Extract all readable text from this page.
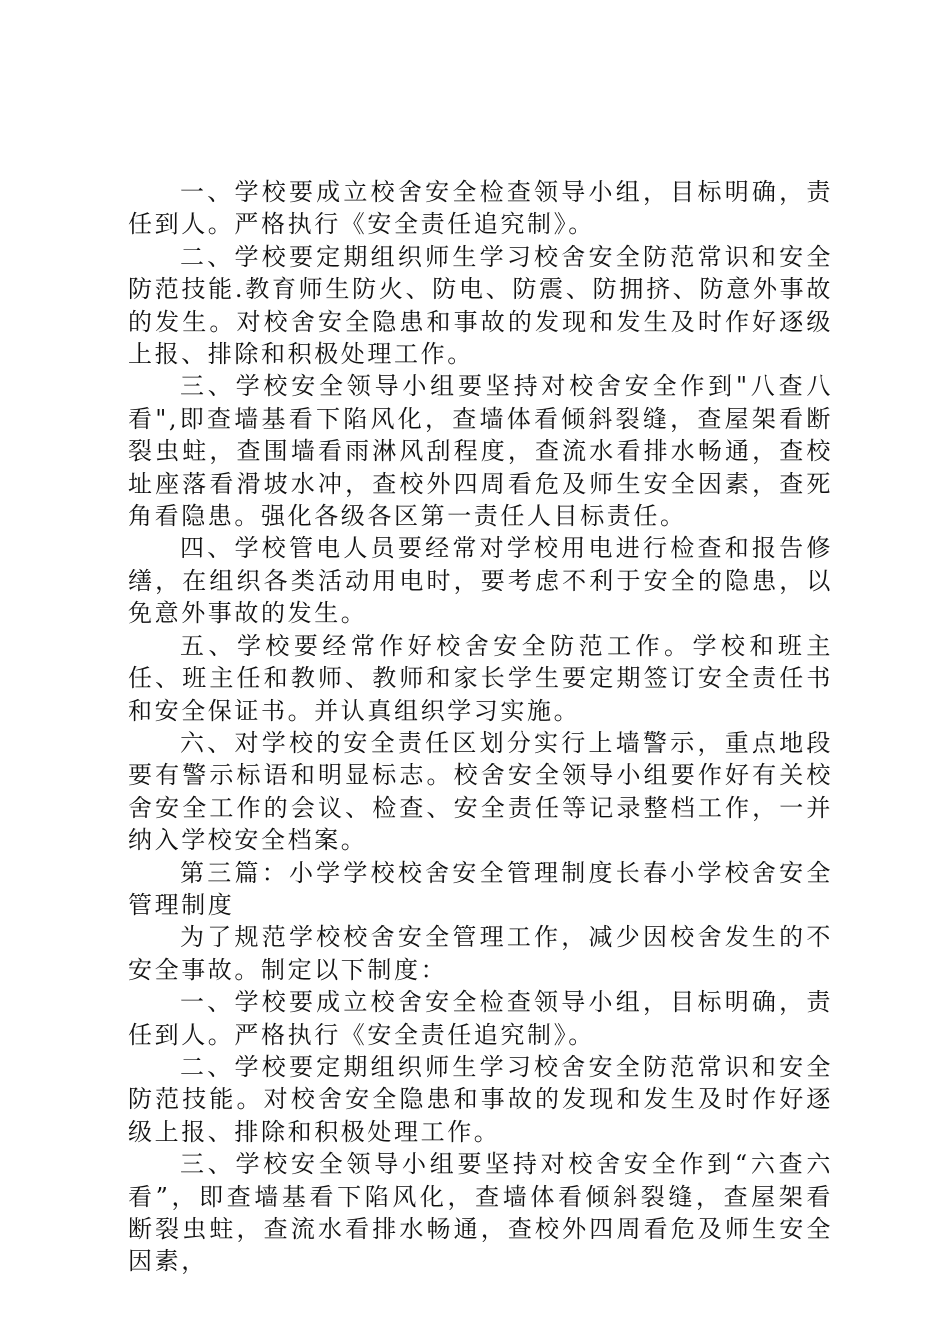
一、学校要成立校舍安全检查领导小组，目标明确，责任到人。严格执行《安全责任追究制》。

二、学校要定期组织师生学习校舍安全防范常识和安全防范技能.教育师生防火、防电、防震、防拥挤、防意外事故的发生。对校舍安全隐患和事故的发现和发生及时作好逐级上报、排除和积极处理工作。

三、学校安全领导小组要坚持对校舍安全作到"八查八看",即查墙基看下陷风化，查墙体看倾斜裂缝，查屋架看断裂虫蛀，查围墙看雨淋风刮程度，查流水看排水畅通，查校址座落看滑坡水冲，查校外四周看危及师生安全因素，查死角看隐患。强化各级各区第一责任人目标责任。

四、学校管电人员要经常对学校用电进行检查和报告修缮，在组织各类活动用电时，要考虑不利于安全的隐患，以免意外事故的发生。

五、学校要经常作好校舍安全防范工作。学校和班主任、班主任和教师、教师和家长学生要定期签订安全责任书和安全保证书。并认真组织学习实施。

六、对学校的安全责任区划分实行上墙警示，重点地段要有警示标语和明显标志。校舍安全领导小组要作好有关校舍安全工作的会议、检查、安全责任等记录整档工作，一并纳入学校安全档案。

第三篇：小学学校校舍安全管理制度长春小学校舍安全管理制度

为了规范学校校舍安全管理工作，减少因校舍发生的不安全事故。制定以下制度：

一、学校要成立校舍安全检查领导小组，目标明确，责任到人。严格执行《安全责任追究制》。

二、学校要定期组织师生学习校舍安全防范常识和安全防范技能。对校舍安全隐患和事故的发现和发生及时作好逐级上报、排除和积极处理工作。

三、学校安全领导小组要坚持对校舍安全作到“六查六看”，即查墙基看下陷风化，查墙体看倾斜裂缝，查屋架看断裂虫蛀，查流水看排水畅通，查校外四周看危及师生安全因素，
